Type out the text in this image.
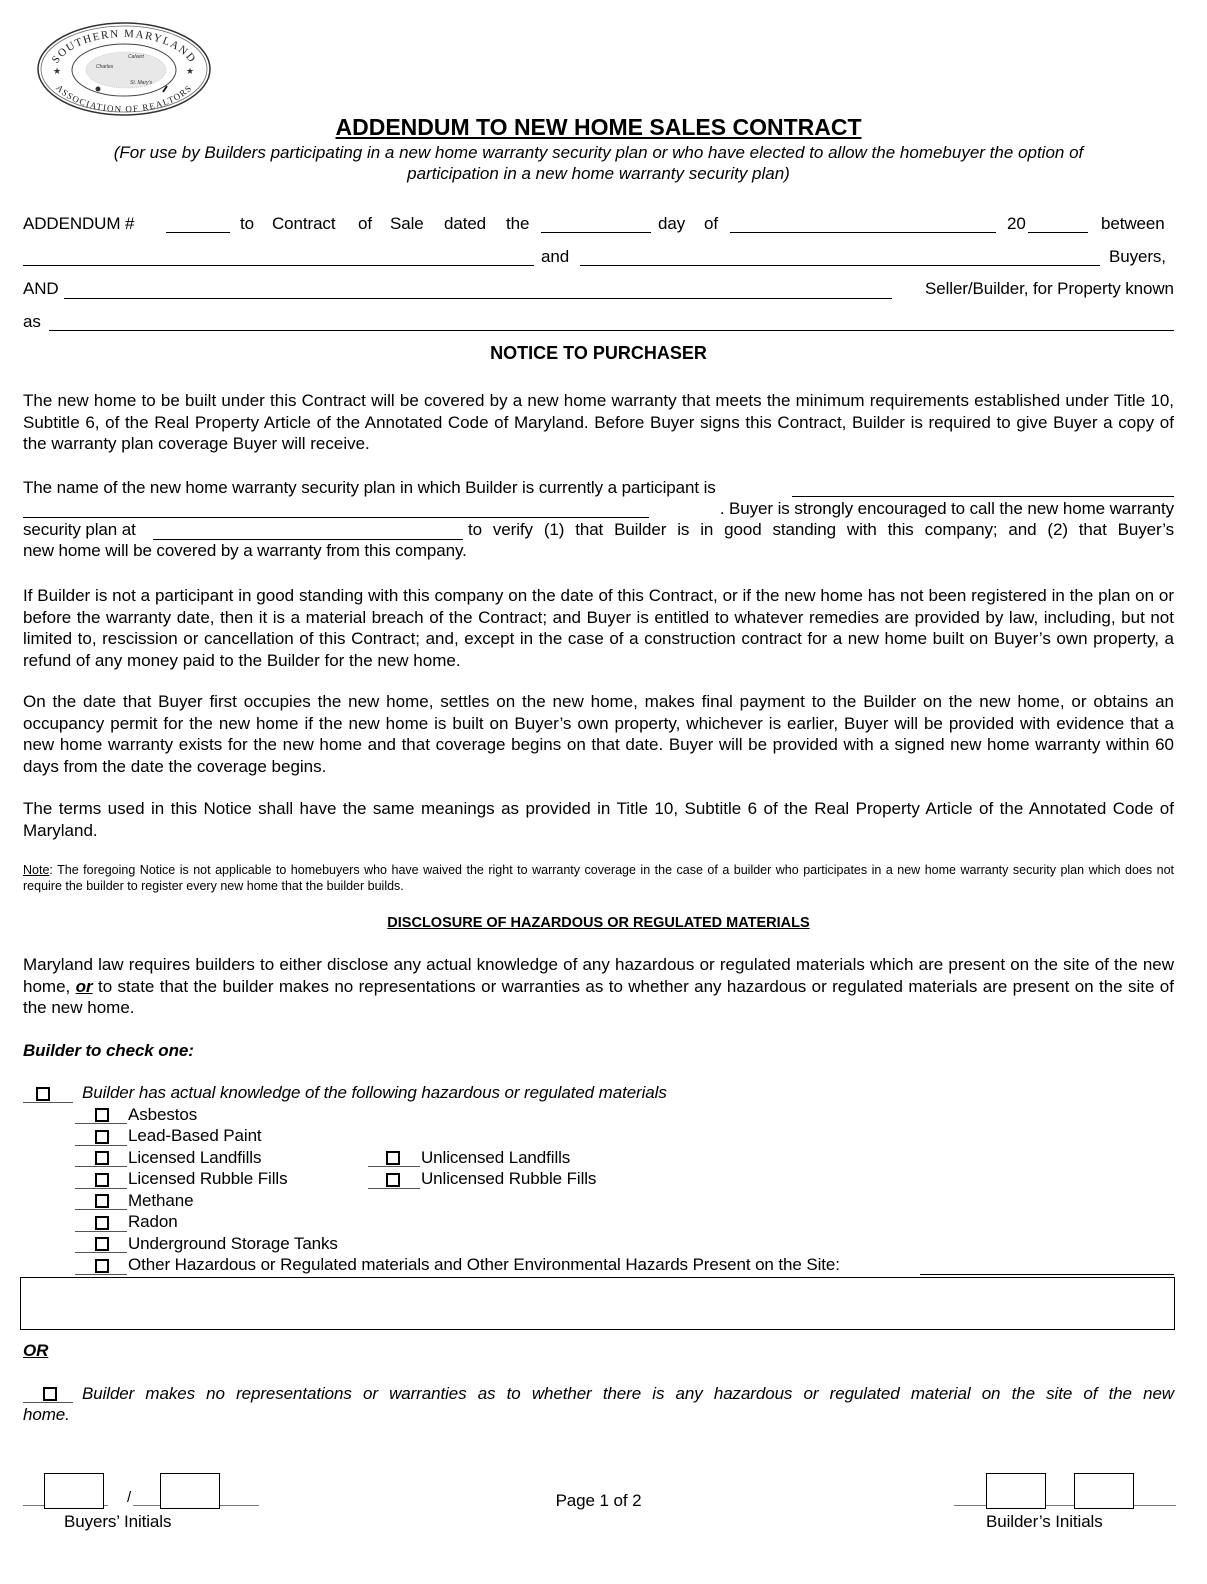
SOUTHERN MARYLAND
ASSOCIATION OF REALTORS
★	★
Calvert
Charles
St. Mary's
ADDENDUM TO NEW HOME SALES CONTRACT
(For use by Builders participating in a new home warranty security plan or who have elected to allow the homebuyer the option of
participation in a new home warranty security plan)
ADDENDUM #	to Contract of Sale dated the	day of	20	between
and	Buyers,
AND	Seller/Builder, for Property known
as
NOTICE TO PURCHASER
The new home to be built under this Contract will be covered by a new home warranty that meets the minimum requirements established under Title 10, Subtitle 6, of the Real Property Article of the Annotated Code of Maryland. Before Buyer signs this Contract, Builder is required to give Buyer a copy of the warranty plan coverage Buyer will receive.
The name of the new home warranty security plan in which Builder is currently a participant is
. Buyer is strongly encouraged to call the new home warranty
security plan at	to verify (1) that Builder is in good standing with this company; and (2) that Buyer’s
new home will be covered by a warranty from this company.
If Builder is not a participant in good standing with this company on the date of this Contract, or if the new home has not been registered in the plan on or before the warranty date, then it is a material breach of the Contract; and Buyer is entitled to whatever remedies are provided by law, including, but not limited to, rescission or cancellation of this Contract; and, except in the case of a construction contract for a new home built on Buyer’s own property, a refund of any money paid to the Builder for the new home.
On the date that Buyer first occupies the new home, settles on the new home, makes final payment to the Builder on the new home, or obtains an occupancy permit for the new home if the new home is built on Buyer’s own property, whichever is earlier, Buyer will be provided with evidence that a new home warranty exists for the new home and that coverage begins on that date. Buyer will be provided with a signed new home warranty within 60 days from the date the coverage begins.
The terms used in this Notice shall have the same meanings as provided in Title 10, Subtitle 6 of the Real Property Article of the Annotated Code of Maryland.
Note: The foregoing Notice is not applicable to homebuyers who have waived the right to warranty coverage in the case of a builder who participates in a new home warranty security plan which does not require the builder to register every new home that the builder builds.
DISCLOSURE OF HAZARDOUS OR REGULATED MATERIALS
Maryland law requires builders to either disclose any actual knowledge of any hazardous or regulated materials which are present on the site of the new home, or to state that the builder makes no representations or warranties as to whether any hazardous or regulated materials are present on the site of the new home.
Builder to check one:
Builder has actual knowledge of the following hazardous or regulated materials
Asbestos
Lead-Based Paint
Licensed Landfills
Licensed Rubble Fills
Methane
Radon
Underground Storage Tanks
Other Hazardous or Regulated materials and Other Environmental Hazards Present on the Site:
Unlicensed Landfills
Unlicensed Rubble Fills
OR
Builder makes no representations or warranties as to whether there is any hazardous or regulated material on the site of the new
home.
/
Buyers’ Initials
Page 1 of 2
Builder’s Initials
